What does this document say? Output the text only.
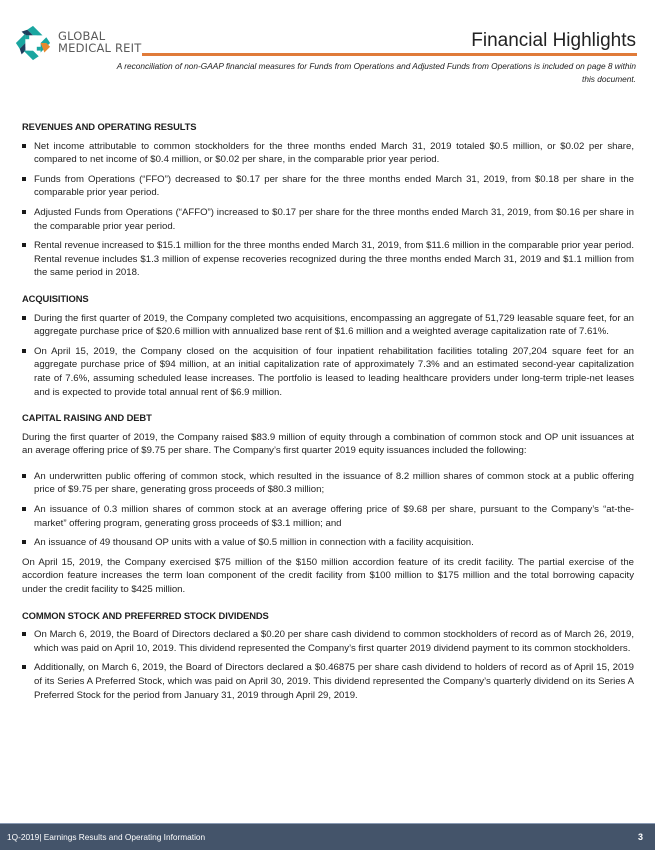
GLOBAL
MEDICAL REIT	Financial Highlights
A reconciliation of non-GAAP financial measures for Funds from Operations and Adjusted Funds from Operations is included on page 8 within this document.
REVENUES AND OPERATING RESULTS
Net income attributable to common stockholders for the three months ended March 31, 2019 totaled $0.5 million, or $0.02 per share, compared to net income of $0.4 million, or $0.02 per share, in the comparable prior year period.
Funds from Operations (“FFO”) decreased to $0.17 per share for the three months ended March 31, 2019, from $0.18 per share in the comparable prior year period.
Adjusted Funds from Operations (“AFFO”) increased to $0.17 per share for the three months ended March 31, 2019, from $0.16 per share in the comparable prior year period.
Rental revenue increased to $15.1 million for the three months ended March 31, 2019, from $11.6 million in the comparable prior year period. Rental revenue includes $1.3 million of expense recoveries recognized during the three months ended March 31, 2019 and $1.1 million from the same period in 2018.
ACQUISITIONS
During the first quarter of 2019, the Company completed two acquisitions, encompassing an aggregate of 51,729 leasable square feet, for an aggregate purchase price of $20.6 million with annualized base rent of $1.6 million and a weighted average capitalization rate of 7.61%.
On April 15, 2019, the Company closed on the acquisition of four inpatient rehabilitation facilities totaling 207,204 square feet for an aggregate purchase price of $94 million, at an initial capitalization rate of approximately 7.3% and an estimated second-year capitalization rate of 7.6%, assuming scheduled lease increases. The portfolio is leased to leading healthcare providers under long-term triple-net leases and is expected to provide total annual rent of $6.9 million.
CAPITAL RAISING AND DEBT

During the first quarter of 2019, the Company raised $83.9 million of equity through a combination of common stock and OP unit issuances at an average offering price of $9.75 per share. The Company’s first quarter 2019 equity issuances included the following:

An underwritten public offering of common stock, which resulted in the issuance of 8.2 million shares of common stock at a public offering price of $9.75 per share, generating gross proceeds of $80.3 million;
An issuance of 0.3 million shares of common stock at an average offering price of $9.68 per share, pursuant to the Company’s “at-the-market” offering program, generating gross proceeds of $3.1 million; and
An issuance of 49 thousand OP units with a value of $0.5 million in connection with a facility acquisition.

On April 15, 2019, the Company exercised $75 million of the $150 million accordion feature of its credit facility. The partial exercise of the accordion feature increases the term loan component of the credit facility from $100 million to $175 million and the total borrowing capacity under the credit facility to $425 million.

COMMON STOCK AND PREFERRED STOCK DIVIDENDS
On March 6, 2019, the Board of Directors declared a $0.20 per share cash dividend to common stockholders of record as of March 26, 2019, which was paid on April 10, 2019. This dividend represented the Company’s first quarter 2019 dividend payment to its common stockholders.
Additionally, on March 6, 2019, the Board of Directors declared a $0.46875 per share cash dividend to holders of record as of April 15, 2019 of its Series A Preferred Stock, which was paid on April 30, 2019. This dividend represented the Company’s quarterly dividend on its Series A Preferred Stock for the period from January 31, 2019 through April 29, 2019.
1Q-2019| Earnings Results and Operating Information	3
